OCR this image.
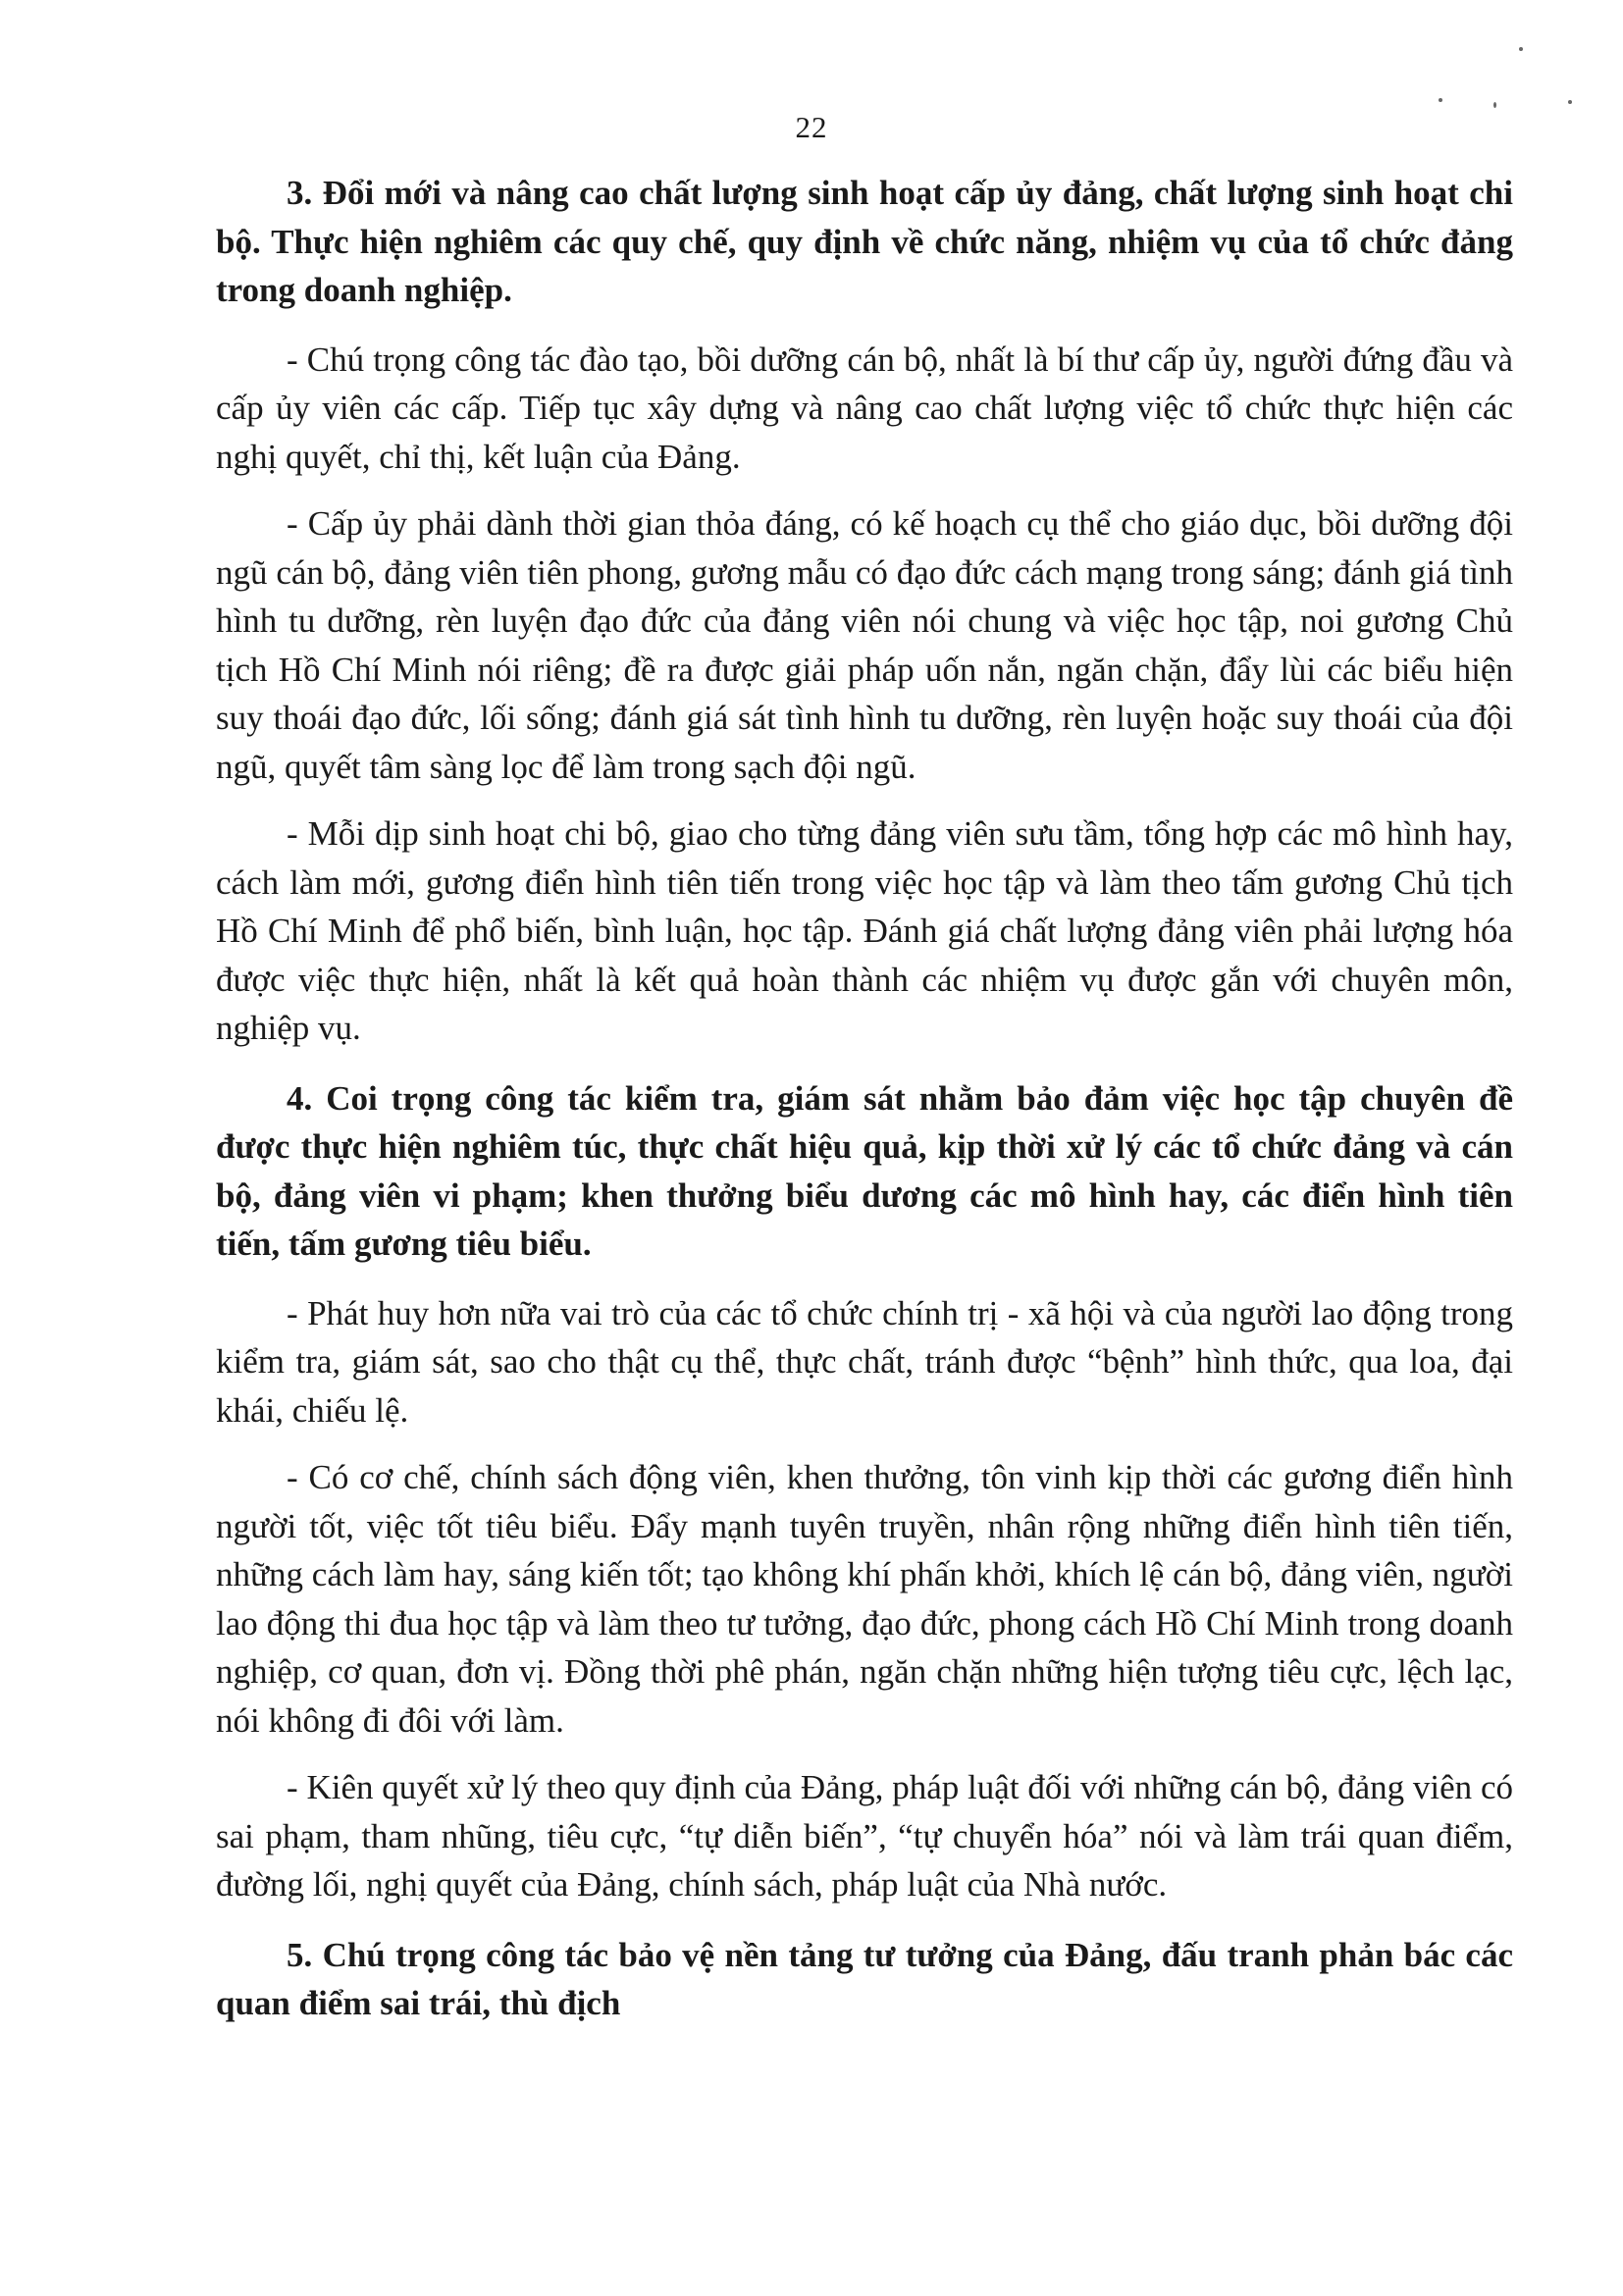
22

3. Đổi mới và nâng cao chất lượng sinh hoạt cấp ủy đảng, chất lượng sinh hoạt chi bộ. Thực hiện nghiêm các quy chế, quy định về chức năng, nhiệm vụ của tổ chức đảng trong doanh nghiệp.

- Chú trọng công tác đào tạo, bồi dưỡng cán bộ, nhất là bí thư cấp ủy, người đứng đầu và cấp ủy viên các cấp. Tiếp tục xây dựng và nâng cao chất lượng việc tổ chức thực hiện các nghị quyết, chỉ thị, kết luận của Đảng.

- Cấp ủy phải dành thời gian thỏa đáng, có kế hoạch cụ thể cho giáo dục, bồi dưỡng đội ngũ cán bộ, đảng viên tiên phong, gương mẫu có đạo đức cách mạng trong sáng; đánh giá tình hình tu dưỡng, rèn luyện đạo đức của đảng viên nói chung và việc học tập, noi gương Chủ tịch Hồ Chí Minh nói riêng; đề ra được giải pháp uốn nắn, ngăn chặn, đẩy lùi các biểu hiện suy thoái đạo đức, lối sống; đánh giá sát tình hình tu dưỡng, rèn luyện hoặc suy thoái của đội ngũ, quyết tâm sàng lọc để làm trong sạch đội ngũ.

- Mỗi dịp sinh hoạt chi bộ, giao cho từng đảng viên sưu tầm, tổng hợp các mô hình hay, cách làm mới, gương điển hình tiên tiến trong việc học tập và làm theo tấm gương Chủ tịch Hồ Chí Minh để phổ biến, bình luận, học tập. Đánh giá chất lượng đảng viên phải lượng hóa được việc thực hiện, nhất là kết quả hoàn thành các nhiệm vụ được gắn với chuyên môn, nghiệp vụ.

4. Coi trọng công tác kiểm tra, giám sát nhằm bảo đảm việc học tập chuyên đề được thực hiện nghiêm túc, thực chất hiệu quả, kịp thời xử lý các tổ chức đảng và cán bộ, đảng viên vi phạm; khen thưởng biểu dương các mô hình hay, các điển hình tiên tiến, tấm gương tiêu biểu.

- Phát huy hơn nữa vai trò của các tổ chức chính trị - xã hội và của người lao động trong kiểm tra, giám sát, sao cho thật cụ thể, thực chất, tránh được “bệnh” hình thức, qua loa, đại khái, chiếu lệ.

- Có cơ chế, chính sách động viên, khen thưởng, tôn vinh kịp thời các gương điển hình người tốt, việc tốt tiêu biểu. Đẩy mạnh tuyên truyền, nhân rộng những điển hình tiên tiến, những cách làm hay, sáng kiến tốt; tạo không khí phấn khởi, khích lệ cán bộ, đảng viên, người lao động thi đua học tập và làm theo tư tưởng, đạo đức, phong cách Hồ Chí Minh trong doanh nghiệp, cơ quan, đơn vị. Đồng thời phê phán, ngăn chặn những hiện tượng tiêu cực, lệch lạc, nói không đi đôi với làm.

- Kiên quyết xử lý theo quy định của Đảng, pháp luật đối với những cán bộ, đảng viên có sai phạm, tham nhũng, tiêu cực, “tự diễn biến”, “tự chuyển hóa” nói và làm trái quan điểm, đường lối, nghị quyết của Đảng, chính sách, pháp luật của Nhà nước.

5. Chú trọng công tác bảo vệ nền tảng tư tưởng của Đảng, đấu tranh phản bác các quan điểm sai trái, thù địch
